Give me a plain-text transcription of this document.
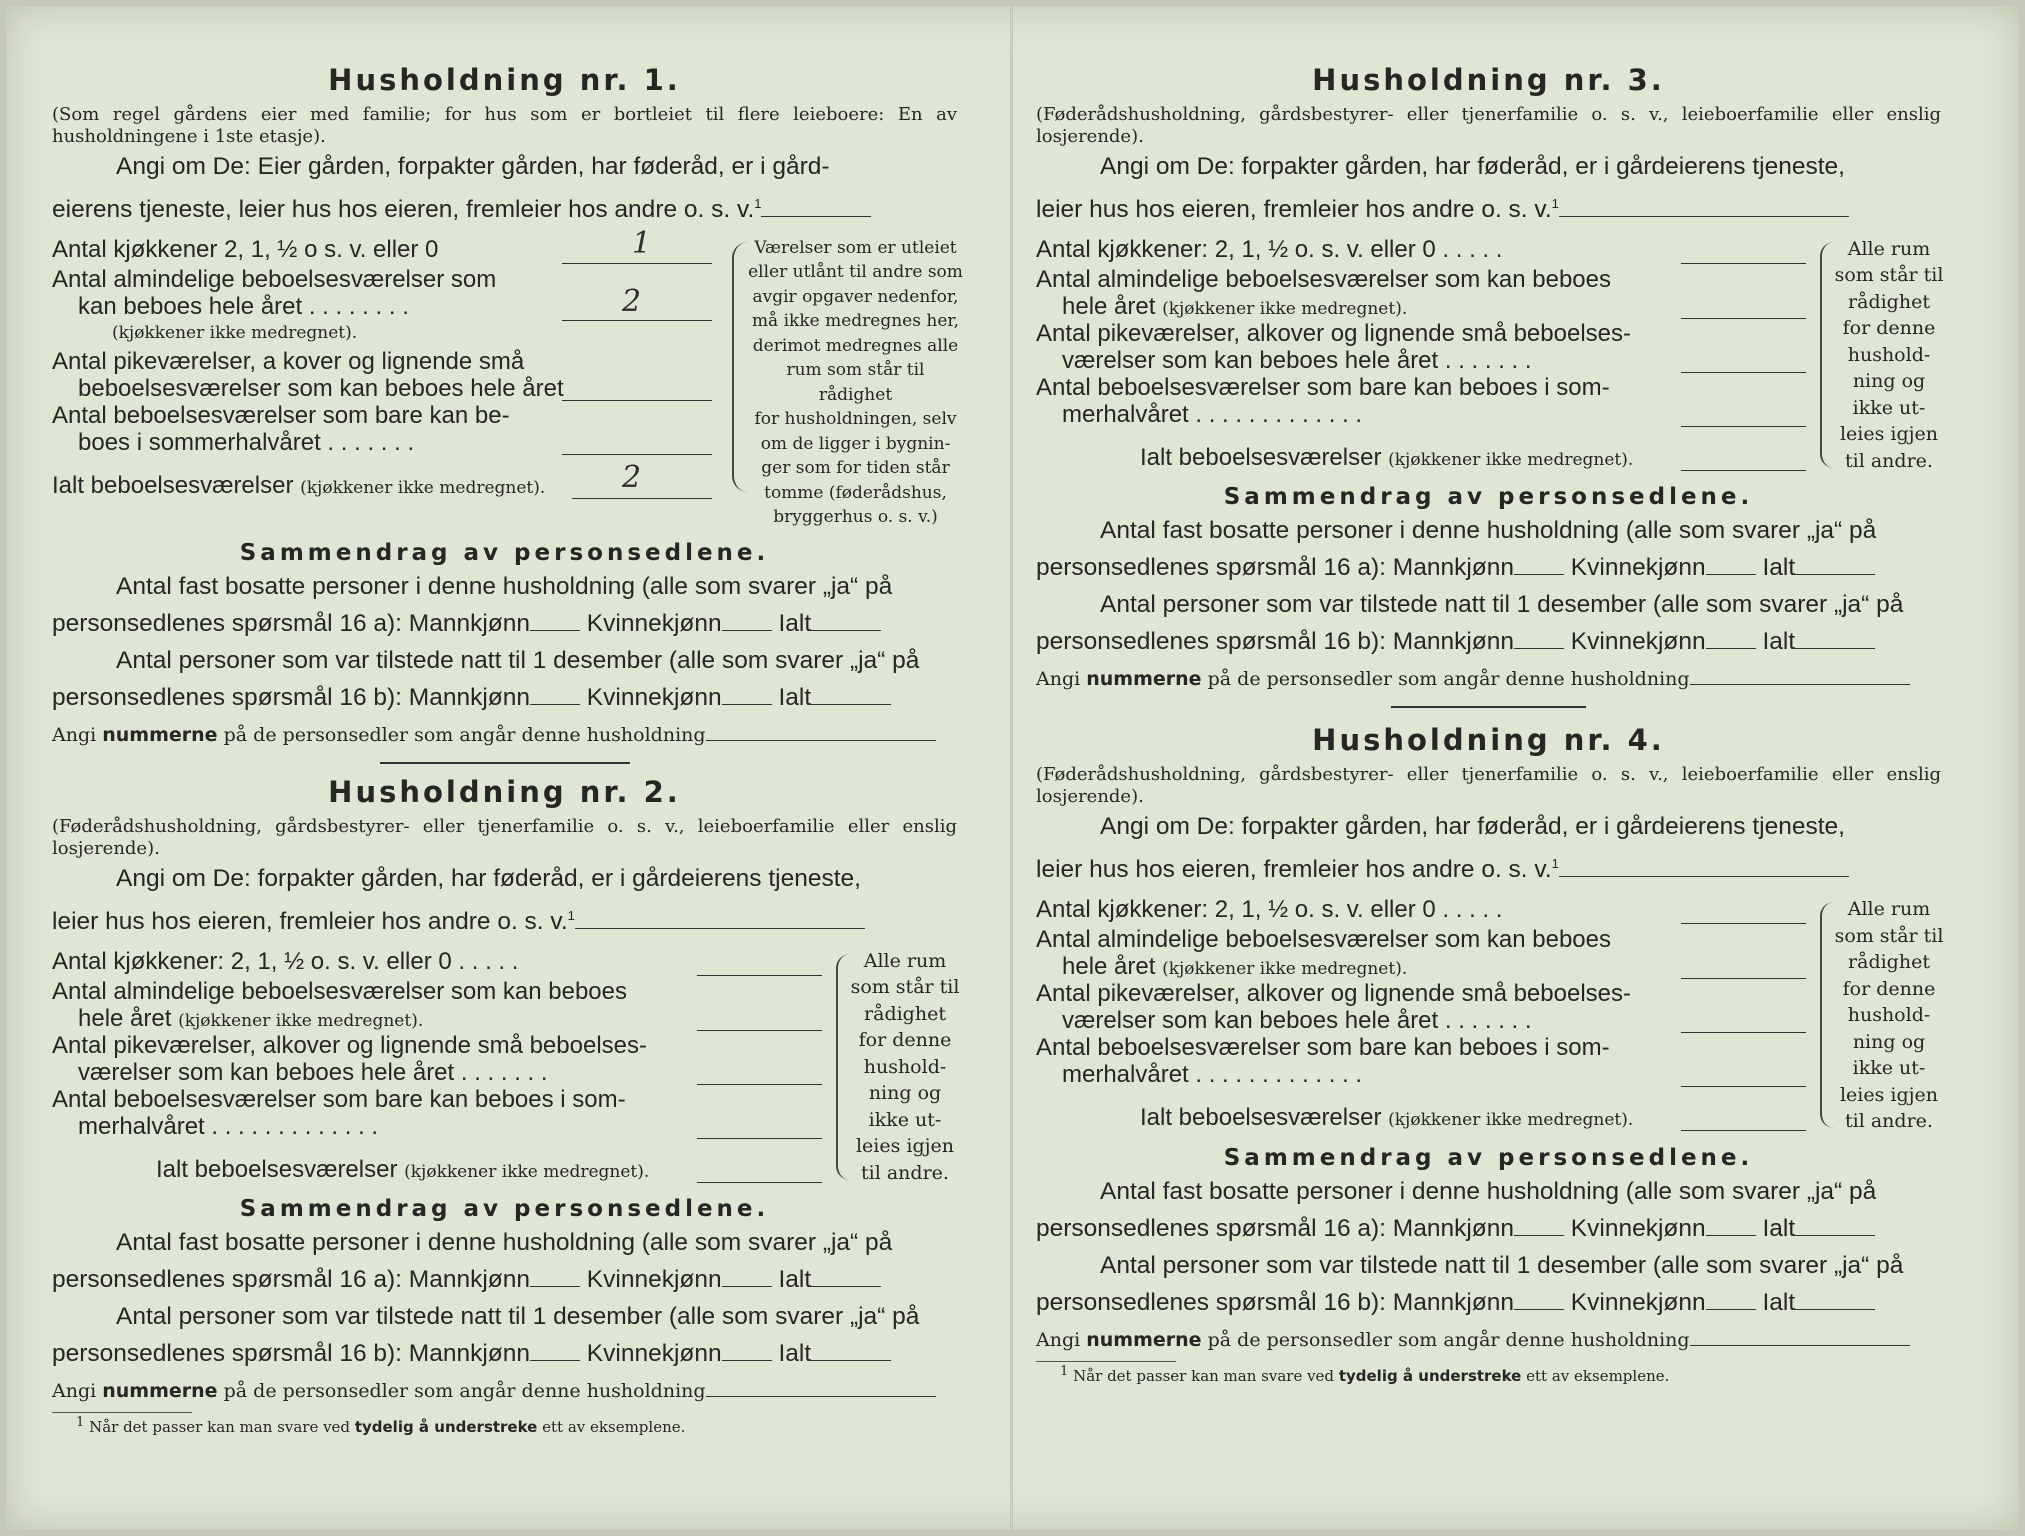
Husholdning nr. 1.

(Som regel gårdens eier med familie; for hus som er bortleiet til flere leieboere: En av husholdningene i 1ste etasje).

Angi om De: Eier gården, forpakter gården, har føderåd, er i gård-

eierens tjeneste, leier hus hos eieren, fremleier hos andre o. s. v.$^1$

Antal kjøkkener 2, 1, ½ o s. v. eller 0	1
Antal almindelige beboelsesværelser som
kan beboes hele året . . . . . . . .
(kjøkkener ikke medregnet).
2
Antal pikeværelser, a kover og lignende små
beboelsesværelser som kan beboes hele året
Antal beboelsesværelser som bare kan be-
boes i sommerhalvåret . . . . . . .
Ialt beboelsesværelser (kjøkkener ikke medregnet).	2
Værelser som er utleiet
eller utlånt til andre som
avgir opgaver nedenfor,
må ikke medregnes her,
derimot medregnes alle
rum som står til rådighet
for husholdningen, selv
om de ligger i bygnin-
ger som for tiden står
tomme (føderådshus,
bryggerhus o. s. v.)
Sammendrag av personsedlene.
Antal fast bosatte personer i denne husholdning (alle som svarer „ja“ på
personsedlenes spørsmål 16 a): Mannkjønn Kvinnekjønn Ialt
Antal personer som var tilstede natt til 1 desember (alle som svarer „ja“ på
personsedlenes spørsmål 16 b): Mannkjønn Kvinnekjønn Ialt
Angi nummerne på de personsedler som angår denne husholdning
Husholdning nr. 2.

(Føderådshusholdning, gårdsbestyrer- eller tjenerfamilie o. s. v., leieboerfamilie eller enslig losjerende).

Angi om De: forpakter gården, har føderåd, er i gårdeierens tjeneste,

leier hus hos eieren, fremleier hos andre o. s. v.$^1$

Antal kjøkkener: 2, 1, ½ o. s. v. eller 0 . . . . .
Antal almindelige beboelsesværelser som kan beboes
hele året (kjøkkener ikke medregnet).
Antal pikeværelser, alkover og lignende små beboelses-
værelser som kan beboes hele året . . . . . . .
Antal beboelsesværelser som bare kan beboes i som-
merhalvåret . . . . . . . . . . . . .
Ialt beboelsesværelser (kjøkkener ikke medregnet).
Alle rum
som står til
rådighet
for denne
hushold-
ning og
ikke ut-
leies igjen
til andre.
Sammendrag av personsedlene.
Antal fast bosatte personer i denne husholdning (alle som svarer „ja“ på
personsedlenes spørsmål 16 a): Mannkjønn Kvinnekjønn Ialt
Antal personer som var tilstede natt til 1 desember (alle som svarer „ja“ på
personsedlenes spørsmål 16 b): Mannkjønn Kvinnekjønn Ialt
Angi nummerne på de personsedler som angår denne husholdning
$^1$ Når det passer kan man svare ved tydelig å understreke ett av eksemplene.
Husholdning nr. 3.

(Føderådshusholdning, gårdsbestyrer- eller tjenerfamilie o. s. v., leieboerfamilie eller enslig losjerende).

Angi om De: forpakter gården, har føderåd, er i gårdeierens tjeneste,

leier hus hos eieren, fremleier hos andre o. s. v.$^1$

Antal kjøkkener: 2, 1, ½ o. s. v. eller 0 . . . . .
Antal almindelige beboelsesværelser som kan beboes
hele året (kjøkkener ikke medregnet).
Antal pikeværelser, alkover og lignende små beboelses-
værelser som kan beboes hele året . . . . . . .
Antal beboelsesværelser som bare kan beboes i som-
merhalvåret . . . . . . . . . . . . .
Ialt beboelsesværelser (kjøkkener ikke medregnet).
Alle rum
som står til
rådighet
for denne
hushold-
ning og
ikke ut-
leies igjen
til andre.
Sammendrag av personsedlene.
Antal fast bosatte personer i denne husholdning (alle som svarer „ja“ på
personsedlenes spørsmål 16 a): Mannkjønn Kvinnekjønn Ialt
Antal personer som var tilstede natt til 1 desember (alle som svarer „ja“ på
personsedlenes spørsmål 16 b): Mannkjønn Kvinnekjønn Ialt
Angi nummerne på de personsedler som angår denne husholdning
Husholdning nr. 4.

(Føderådshusholdning, gårdsbestyrer- eller tjenerfamilie o. s. v., leieboerfamilie eller enslig losjerende).

Angi om De: forpakter gården, har føderåd, er i gårdeierens tjeneste,

leier hus hos eieren, fremleier hos andre o. s. v.$^1$

Antal kjøkkener: 2, 1, ½ o. s. v. eller 0 . . . . .
Antal almindelige beboelsesværelser som kan beboes
hele året (kjøkkener ikke medregnet).
Antal pikeværelser, alkover og lignende små beboelses-
værelser som kan beboes hele året . . . . . . .
Antal beboelsesværelser som bare kan beboes i som-
merhalvåret . . . . . . . . . . . . .
Ialt beboelsesværelser (kjøkkener ikke medregnet).
Alle rum
som står til
rådighet
for denne
hushold-
ning og
ikke ut-
leies igjen
til andre.
Sammendrag av personsedlene.
Antal fast bosatte personer i denne husholdning (alle som svarer „ja“ på
personsedlenes spørsmål 16 a): Mannkjønn Kvinnekjønn Ialt
Antal personer som var tilstede natt til 1 desember (alle som svarer „ja“ på
personsedlenes spørsmål 16 b): Mannkjønn Kvinnekjønn Ialt
Angi nummerne på de personsedler som angår denne husholdning
$^1$ Når det passer kan man svare ved tydelig å understreke ett av eksemplene.
